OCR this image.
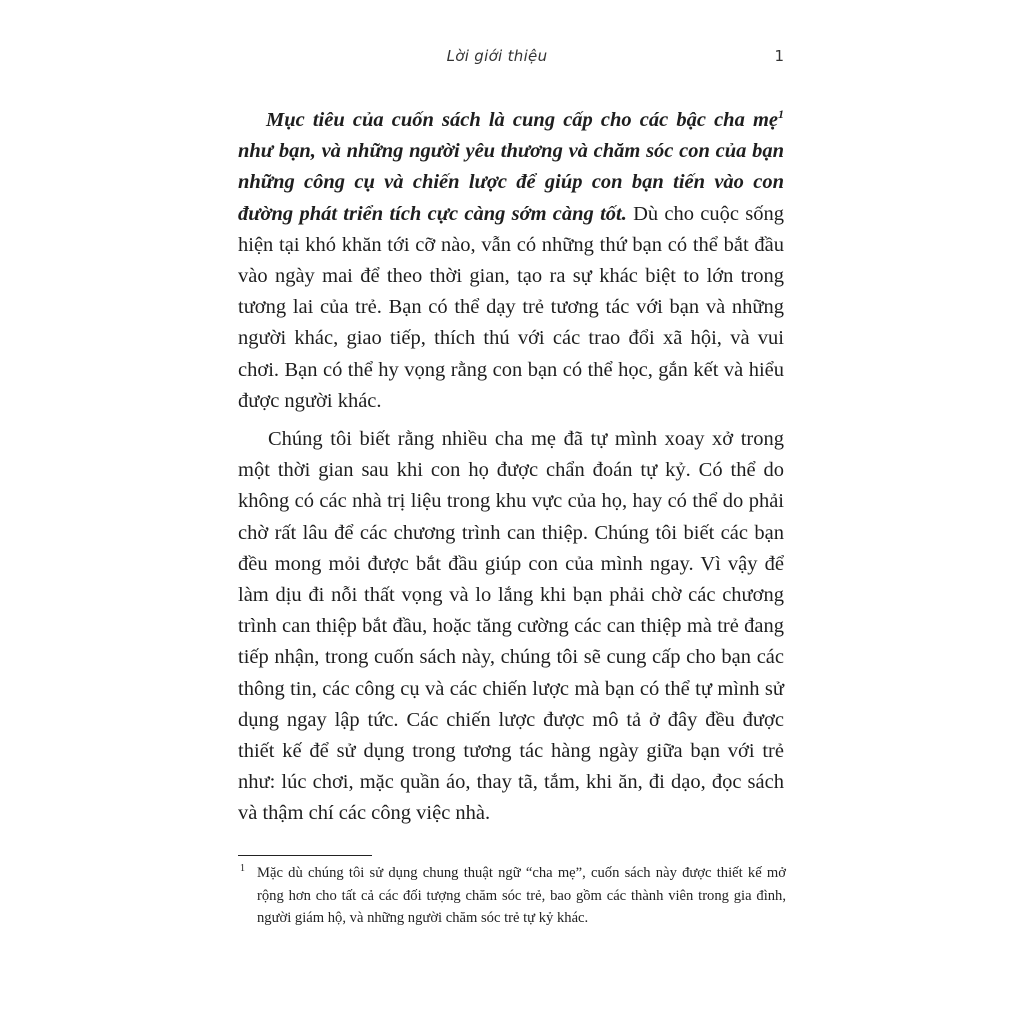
Lời giới thiệu	1

Mục tiêu của cuốn sách là cung cấp cho các bậc cha mẹ$^1$ như bạn, và những người yêu thương và chăm sóc con của bạn những công cụ và chiến lược để giúp con bạn tiến vào con đường phát triển tích cực càng sớm càng tốt. Dù cho cuộc sống hiện tại khó khăn tới cỡ nào, vẫn có những thứ bạn có thể bắt đầu vào ngày mai để theo thời gian, tạo ra sự khác biệt to lớn trong tương lai của trẻ. Bạn có thể dạy trẻ tương tác với bạn và những người khác, giao tiếp, thích thú với các trao đổi xã hội, và vui chơi. Bạn có thể hy vọng rằng con bạn có thể học, gắn kết và hiểu được người khác.

Chúng tôi biết rằng nhiều cha mẹ đã tự mình xoay xở trong một thời gian sau khi con họ được chẩn đoán tự kỷ. Có thể do không có các nhà trị liệu trong khu vực của họ, hay có thể do phải chờ rất lâu để các chương trình can thiệp. Chúng tôi biết các bạn đều mong mỏi được bắt đầu giúp con của mình ngay. Vì vậy để làm dịu đi nỗi thất vọng và lo lắng khi bạn phải chờ các chương trình can thiệp bắt đầu, hoặc tăng cường các can thiệp mà trẻ đang tiếp nhận, trong cuốn sách này, chúng tôi sẽ cung cấp cho bạn các thông tin, các công cụ và các chiến lược mà bạn có thể tự mình sử dụng ngay lập tức. Các chiến lược được mô tả ở đây đều được thiết kế để sử dụng trong tương tác hàng ngày giữa bạn với trẻ như: lúc chơi, mặc quần áo, thay tã, tắm, khi ăn, đi dạo, đọc sách và thậm chí các công việc nhà.

1 Mặc dù chúng tôi sử dụng chung thuật ngữ “cha mẹ”, cuốn sách này được thiết kế mở rộng hơn cho tất cả các đối tượng chăm sóc trẻ, bao gồm các thành viên trong gia đình, người giám hộ, và những người chăm sóc trẻ tự kỷ khác.
